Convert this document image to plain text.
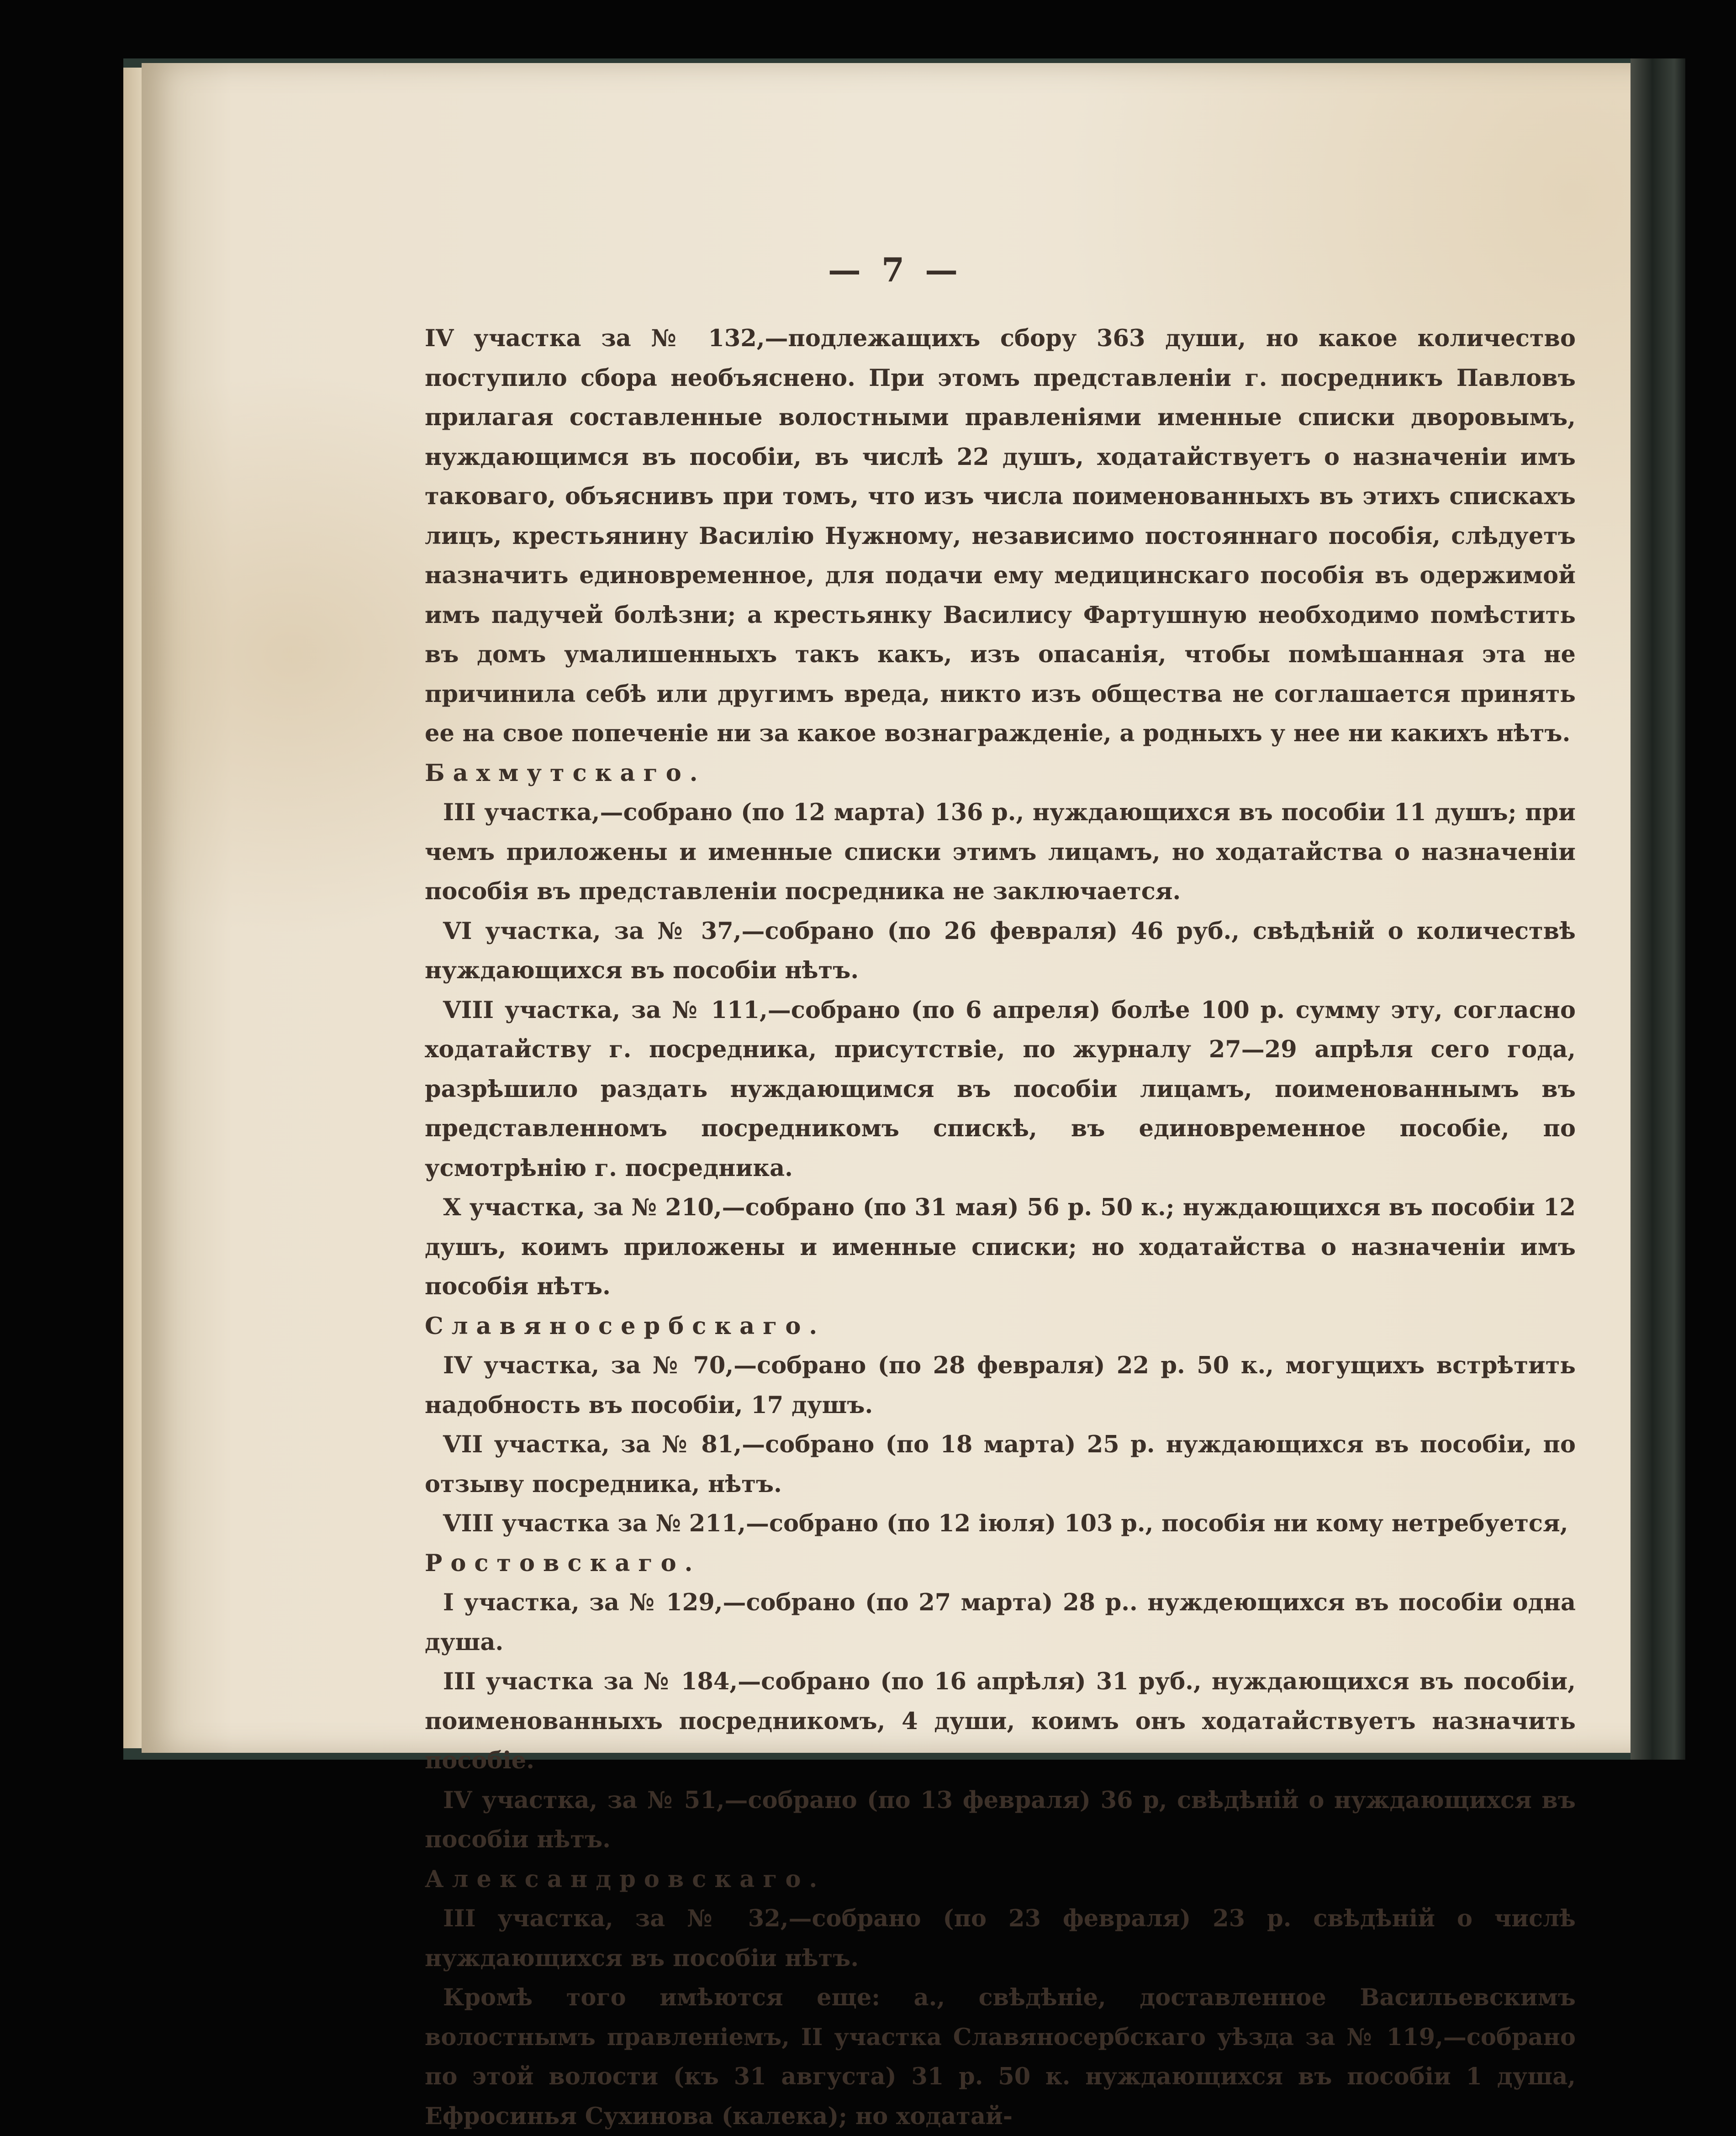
— 7 —

IV участка за № 132,—подлежащихъ сбору 363 души, но какое количество поступило сбора необъяснено. При этомъ представленіи г. посредникъ Павловъ прилагая составленные волостными правленіями именные списки дворовымъ, нуждающимся въ пособіи, въ числѣ 22 душъ, ходатайствуетъ о назначеніи имъ таковаго, объяснивъ при томъ, что изъ числа поименованныхъ въ этихъ спискахъ лицъ, крестьянину Василію Нужному, независимо постояннаго пособія, слѣдуетъ назначить единовременное, для подачи ему медицинскаго пособія въ одержимой имъ падучей болѣзни; а крестьянку Василису Фартушную необходимо помѣстить въ домъ умалишенныхъ такъ какъ, изъ опасанія, чтобы помѣшанная эта не причинила себѣ или другимъ вреда, никто изъ общества не соглашается принять ее на свое попеченіе ни за какое вознагражденіе, а родныхъ у нее ни какихъ нѣтъ.

Бахмутскаго.

III участка,—собрано (по 12 марта) 136 р., нуждающихся въ пособіи 11 душъ; при чемъ приложены и именные списки этимъ лицамъ, но ходатайства о назначеніи пособія въ представленіи посредника не заключается.

VI участка, за № 37,—собрано (по 26 февраля) 46 руб., свѣдѣній о количествѣ нуждающихся въ пособіи нѣтъ.

VIII участка, за № 111,—собрано (по 6 апреля) болѣе 100 р. сумму эту, согласно ходатайству г. посредника, присутствіе, по журналу 27—29 апрѣля сего года, разрѣшило раздать нуждающимся въ пособіи лицамъ, поименованнымъ въ представленномъ посредникомъ спискѣ, въ единовременное пособіе, по усмотрѣнію г. посредника.

X участка, за № 210,—собрано (по 31 мая) 56 р. 50 к.; нуждающихся въ пособіи 12 душъ, коимъ приложены и именные списки; но ходатайства о назначеніи имъ пособія нѣтъ.

Славяносербскаго.

IV участка, за № 70,—собрано (по 28 февраля) 22 р. 50 к., могущихъ встрѣтить надобность въ пособіи, 17 душъ.

VII участка, за № 81,—собрано (по 18 марта) 25 р. нуждающихся въ пособіи, по отзыву посредника, нѣтъ.

VIII участка за № 211,—собрано (по 12 іюля) 103 р., пособія ни кому нетребуется,

Ростовскаго.

I участка, за № 129,—собрано (по 27 марта) 28 р.. нуждеющихся въ пособіи одна душа.

III участка за № 184,—собрано (по 16 апрѣля) 31 руб., нуждающихся въ пособіи, поименованныхъ посредникомъ, 4 души, коимъ онъ ходатайствуетъ назначить пособіе.

IV участка, за № 51,—собрано (по 13 февраля) 36 р, свѣдѣній о нуждающихся въ пособіи нѣтъ.

Александровскаго.

III участка, за № 32,—собрано (по 23 февраля) 23 р. свѣдѣній о числѣ нуждающихся въ пособіи нѣтъ.

Кромѣ того имѣются еще: а., свѣдѣніе, доставленное Васильевскимъ волостнымъ правленіемъ, II участка Славяносербскаго уѣзда за № 119,—собрано по этой волости (къ 31 августа) 31 р. 50 к. нуждающихся въ пособіи 1 душа, Ефросинья Сухинова (калека); но ходатай-
